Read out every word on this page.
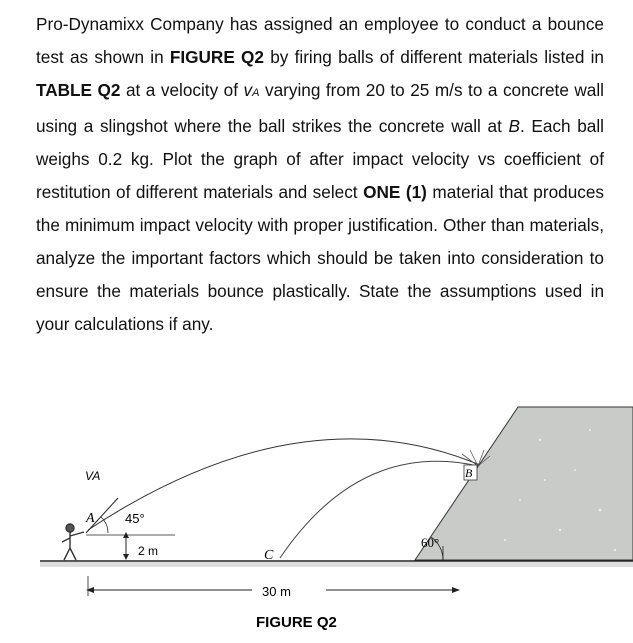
Pro-Dynamixx Company has assigned an employee to conduct a bounce test as shown in FIGURE Q2 by firing balls of different materials listed in TABLE Q2 at a velocity of vA varying from 20 to 25 m/s to a concrete wall using a slingshot where the ball strikes the concrete wall at B. Each ball weighs 0.2 kg. Plot the graph of after impact velocity vs coefficient of restitution of different materials and select ONE (1) material that produces the minimum impact velocity with proper justification. Other than materials, analyze the important factors which should be taken into consideration to ensure the materials bounce plastically. State the assumptions used in your calculations if any.
VA
A 45°
2 m	C
60°
B
30 m
FIGURE Q2
